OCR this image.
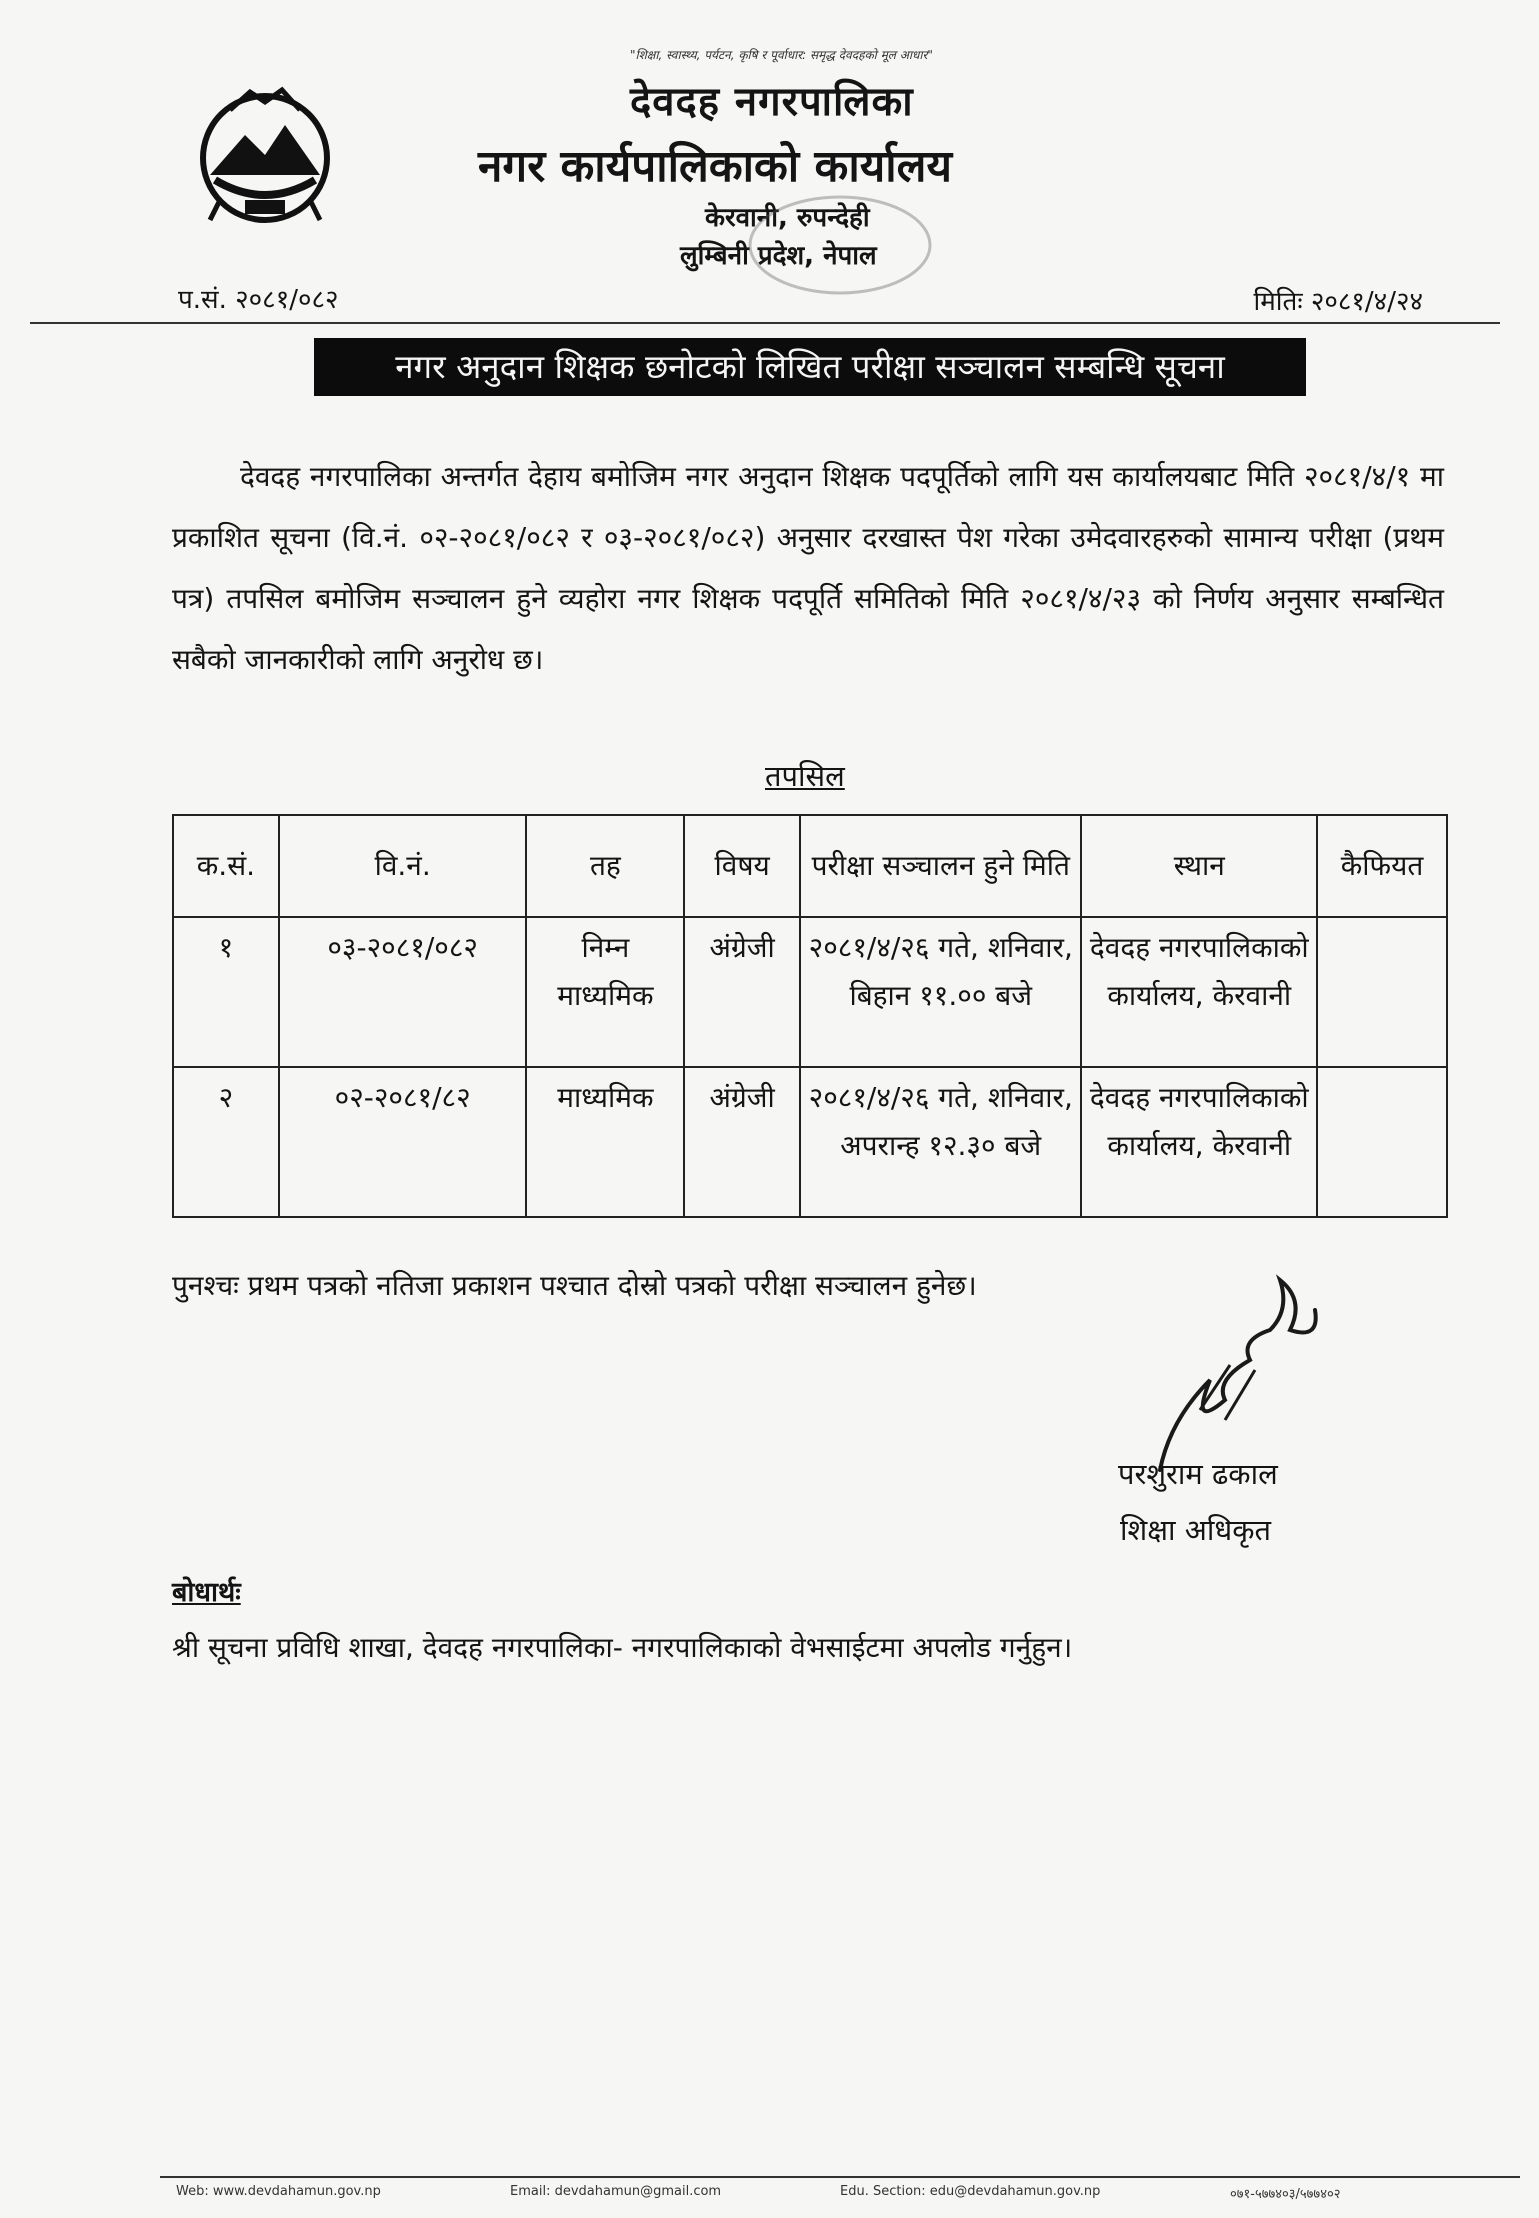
"शिक्षा, स्वास्थ्य, पर्यटन, कृषि र पूर्वाधार: समृद्ध देवदहको मूल आधार"
देवदह नगरपालिका
नगर कार्यपालिकाको कार्यालय
केरवानी, रुपन्देही
लुम्बिनी प्रदेश, नेपाल
प.सं. २०८१/०८२	मितिः २०८१/४/२४
नगर अनुदान शिक्षक छनोटको लिखित परीक्षा सञ्चालन सम्बन्धि सूचना
देवदह नगरपालिका अन्तर्गत देहाय बमोजिम नगर अनुदान शिक्षक पदपूर्तिको लागि यस कार्यालयबाट मिति २०८१/४/१ मा प्रकाशित सूचना (वि.नं. ०२-२०८१/०८२ र ०३-२०८१/०८२) अनुसार दरखास्त पेश गरेका उमेदवारहरुको सामान्य परीक्षा (प्रथम पत्र) तपसिल बमोजिम सञ्चालन हुने व्यहोरा नगर शिक्षक पदपूर्ति समितिको मिति २०८१/४/२३ को निर्णय अनुसार सम्बन्धित सबैको जानकारीको लागि अनुरोध छ।
तपसिल
क.सं.	वि.नं.	तह	विषय	परीक्षा सञ्चालन हुने मिति	स्थान	कैफियत
१	०३-२०८१/०८२	निम्न माध्यमिक	अंग्रेजी	२०८१/४/२६ गते, शनिवार, बिहान ११.०० बजे	देवदह नगरपालिकाको कार्यालय, केरवानी	
२	०२-२०८१/८२	माध्यमिक	अंग्रेजी	२०८१/४/२६ गते, शनिवार, अपरान्ह १२.३० बजे	देवदह नगरपालिकाको कार्यालय, केरवानी	
पुनश्चः प्रथम पत्रको नतिजा प्रकाशन पश्चात दोस्रो पत्रको परीक्षा सञ्चालन हुनेछ।
परशुराम ढकाल
शिक्षा अधिकृत
बोधार्थः
श्री सूचना प्रविधि शाखा, देवदह नगरपालिका- नगरपालिकाको वेभसाईटमा अपलोड गर्नुहुन।
Web: www.devdahamun.gov.np	Email: devdahamun@gmail.com	Edu. Section: edu@devdahamun.gov.np	०७१-५७७४०३/५७७४०२
